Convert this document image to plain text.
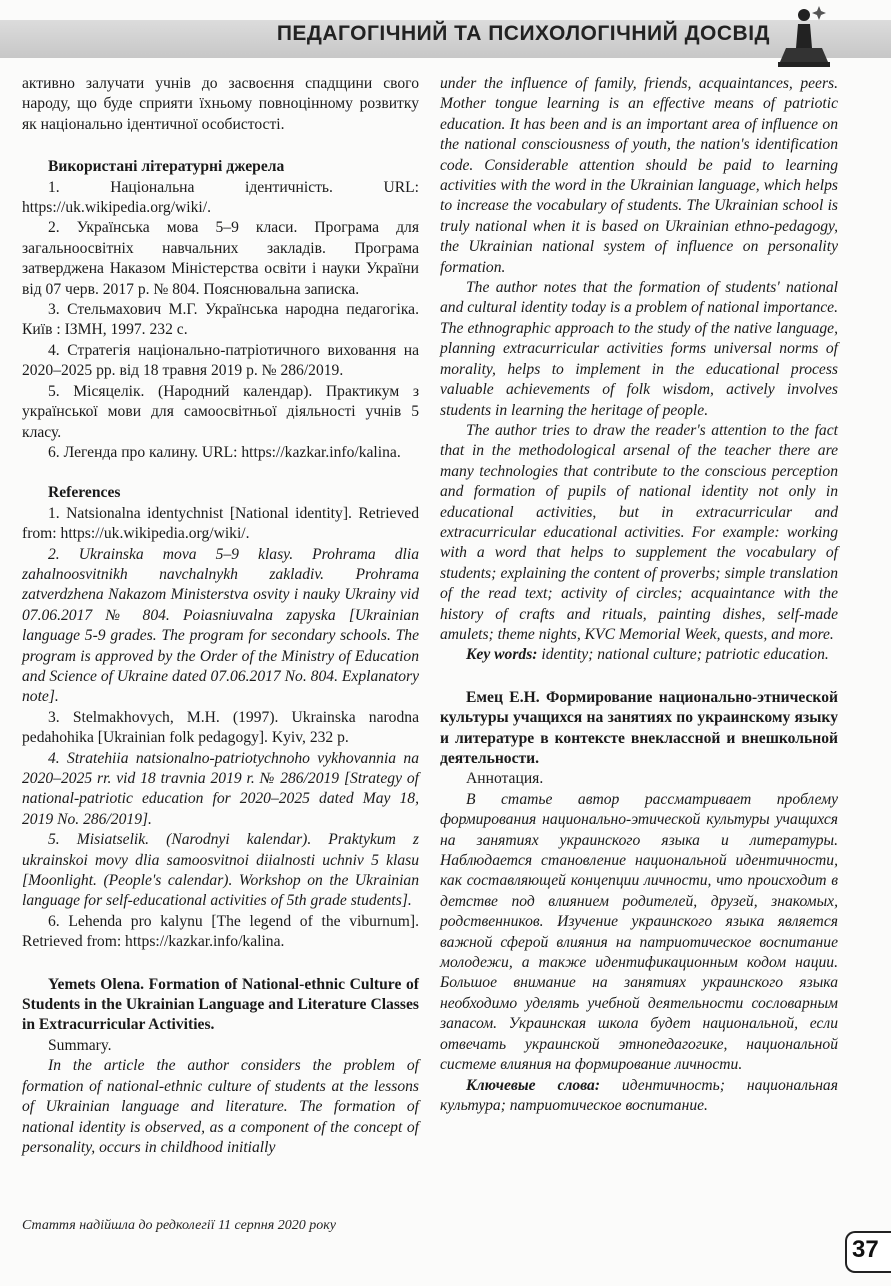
ПЕДАГОГІЧНИЙ ТА ПСИХОЛОГІЧНИЙ ДОСВІД

активно залучати учнів до засвоєння спадщини свого народу, що буде сприяти їхньому повноцінному розвитку як національно ідентичної особистості.

Використані літературні джерела

1. Національна ідентичність. URL: https://uk.wikipedia.org/wiki/.

2. Українська мова 5–9 класи. Програма для загальноосвітніх навчальних закладів. Програма затверджена Наказом Міністерства освіти і науки України від 07 черв. 2017 р. № 804. Пояснювальна записка.

3. Стельмахович М.Г. Українська народна педагогіка. Київ : ІЗМН, 1997. 232 с.

4. Стратегія національно-патріотичного виховання на 2020–2025 рр. від 18 травня 2019 р. № 286/2019.

5. Місяцелік. (Народний календар). Практикум з української мови для самоосвітньої діяльності учнів 5 класу.

6. Легенда про калину. URL: https://kazkar.info/kalina.

References

1. Natsionalna identychnist [National identity]. Retrieved from: https://uk.wikipedia.org/wiki/.

2. Ukrainska mova 5–9 klasy. Prohrama dlia zahalnoosvitnikh navchalnykh zakladiv. Prohrama zatverdzhena Nakazom Ministerstva osvity i nauky Ukrainy vid 07.06.2017 № 804. Poiasniuvalna zapyska [Ukrainian language 5-9 grades. The program for secondary schools. The program is approved by the Order of the Ministry of Education and Science of Ukraine dated 07.06.2017 No. 804. Explanatory note].

3. Stelmakhovych, M.H. (1997). Ukrainska narodna pedahohika [Ukrainian folk pedagogy]. Kyiv, 232 p.

4. Stratehiia natsionalno-patriotychnoho vykhovannia na 2020–2025 rr. vid 18 travnia 2019 r. № 286/2019 [Strategy of national-patriotic education for 2020–2025 dated May 18, 2019 No. 286/2019].

5. Misiatselik. (Narodnyi kalendar). Praktykum z ukrainskoi movy dlia samoosvitnoi diialnosti uchniv 5 klasu [Moonlight. (People's calendar). Workshop on the Ukrainian language for self-educational activities of 5th grade students].

6. Lehenda pro kalynu [The legend of the viburnum]. Retrieved from: https://kazkar.info/kalina.

Yemets Olena. Formation of National-ethnic Culture of Students in the Ukrainian Language and Literature Classes in Extracurricular Activities.

Summary.

In the article the author considers the problem of formation of national-ethnic culture of students at the lessons of Ukrainian language and literature. The formation of national identity is observed, as a component of the concept of personality, occurs in childhood initially

under the influence of family, friends, acquaintances, peers. Mother tongue learning is an effective means of patriotic education. It has been and is an important area of influence on the national consciousness of youth, the nation's identification code. Considerable attention should be paid to learning activities with the word in the Ukrainian language, which helps to increase the vocabulary of students. The Ukrainian school is truly national when it is based on Ukrainian ethno-pedagogy, the Ukrainian national system of influence on personality formation.

The author notes that the formation of students' national and cultural identity today is a problem of national importance. The ethnographic approach to the study of the native language, planning extracurricular activities forms universal norms of morality, helps to implement in the educational process valuable achievements of folk wisdom, actively involves students in learning the heritage of people.

The author tries to draw the reader's attention to the fact that in the methodological arsenal of the teacher there are many technologies that contribute to the conscious perception and formation of pupils of national identity not only in educational activities, but in extracurricular and extracurricular educational activities. For example: working with a word that helps to supplement the vocabulary of students; explaining the content of proverbs; simple translation of the read text; activity of circles; acquaintance with the history of crafts and rituals, painting dishes, self-made amulets; theme nights, KVC Memorial Week, quests, and more.

Key words: identity; national culture; patriotic education.

Емец Е.Н. Формирование национально-этнической культуры учащихся на занятиях по украинскому языку и литературе в контексте внеклассной и внешкольной деятельности.

Аннотация.

В статье автор рассматривает проблему формирования национально-этической культуры учащихся на занятиях украинского языка и литературы. Наблюдается становление национальной идентичности, как составляющей концепции личности, что происходит в детстве под влиянием родителей, друзей, знакомых, родственников. Изучение украинского языка является важной сферой влияния на патриотическое воспитание молодежи, а также идентификационным кодом нации. Большое внимание на занятиях украинского языка необходимо уделять учебной деятельности сословарным запасом. Украинская школа будет национальной, если отвечать украинской этнопедагогике, национальной системе влияния на формирование личности.

Ключевые слова: идентичность; национальная культура; патриотическое воспитание.

Стаття надійшла до редколегії 11 серпня 2020 року
37
